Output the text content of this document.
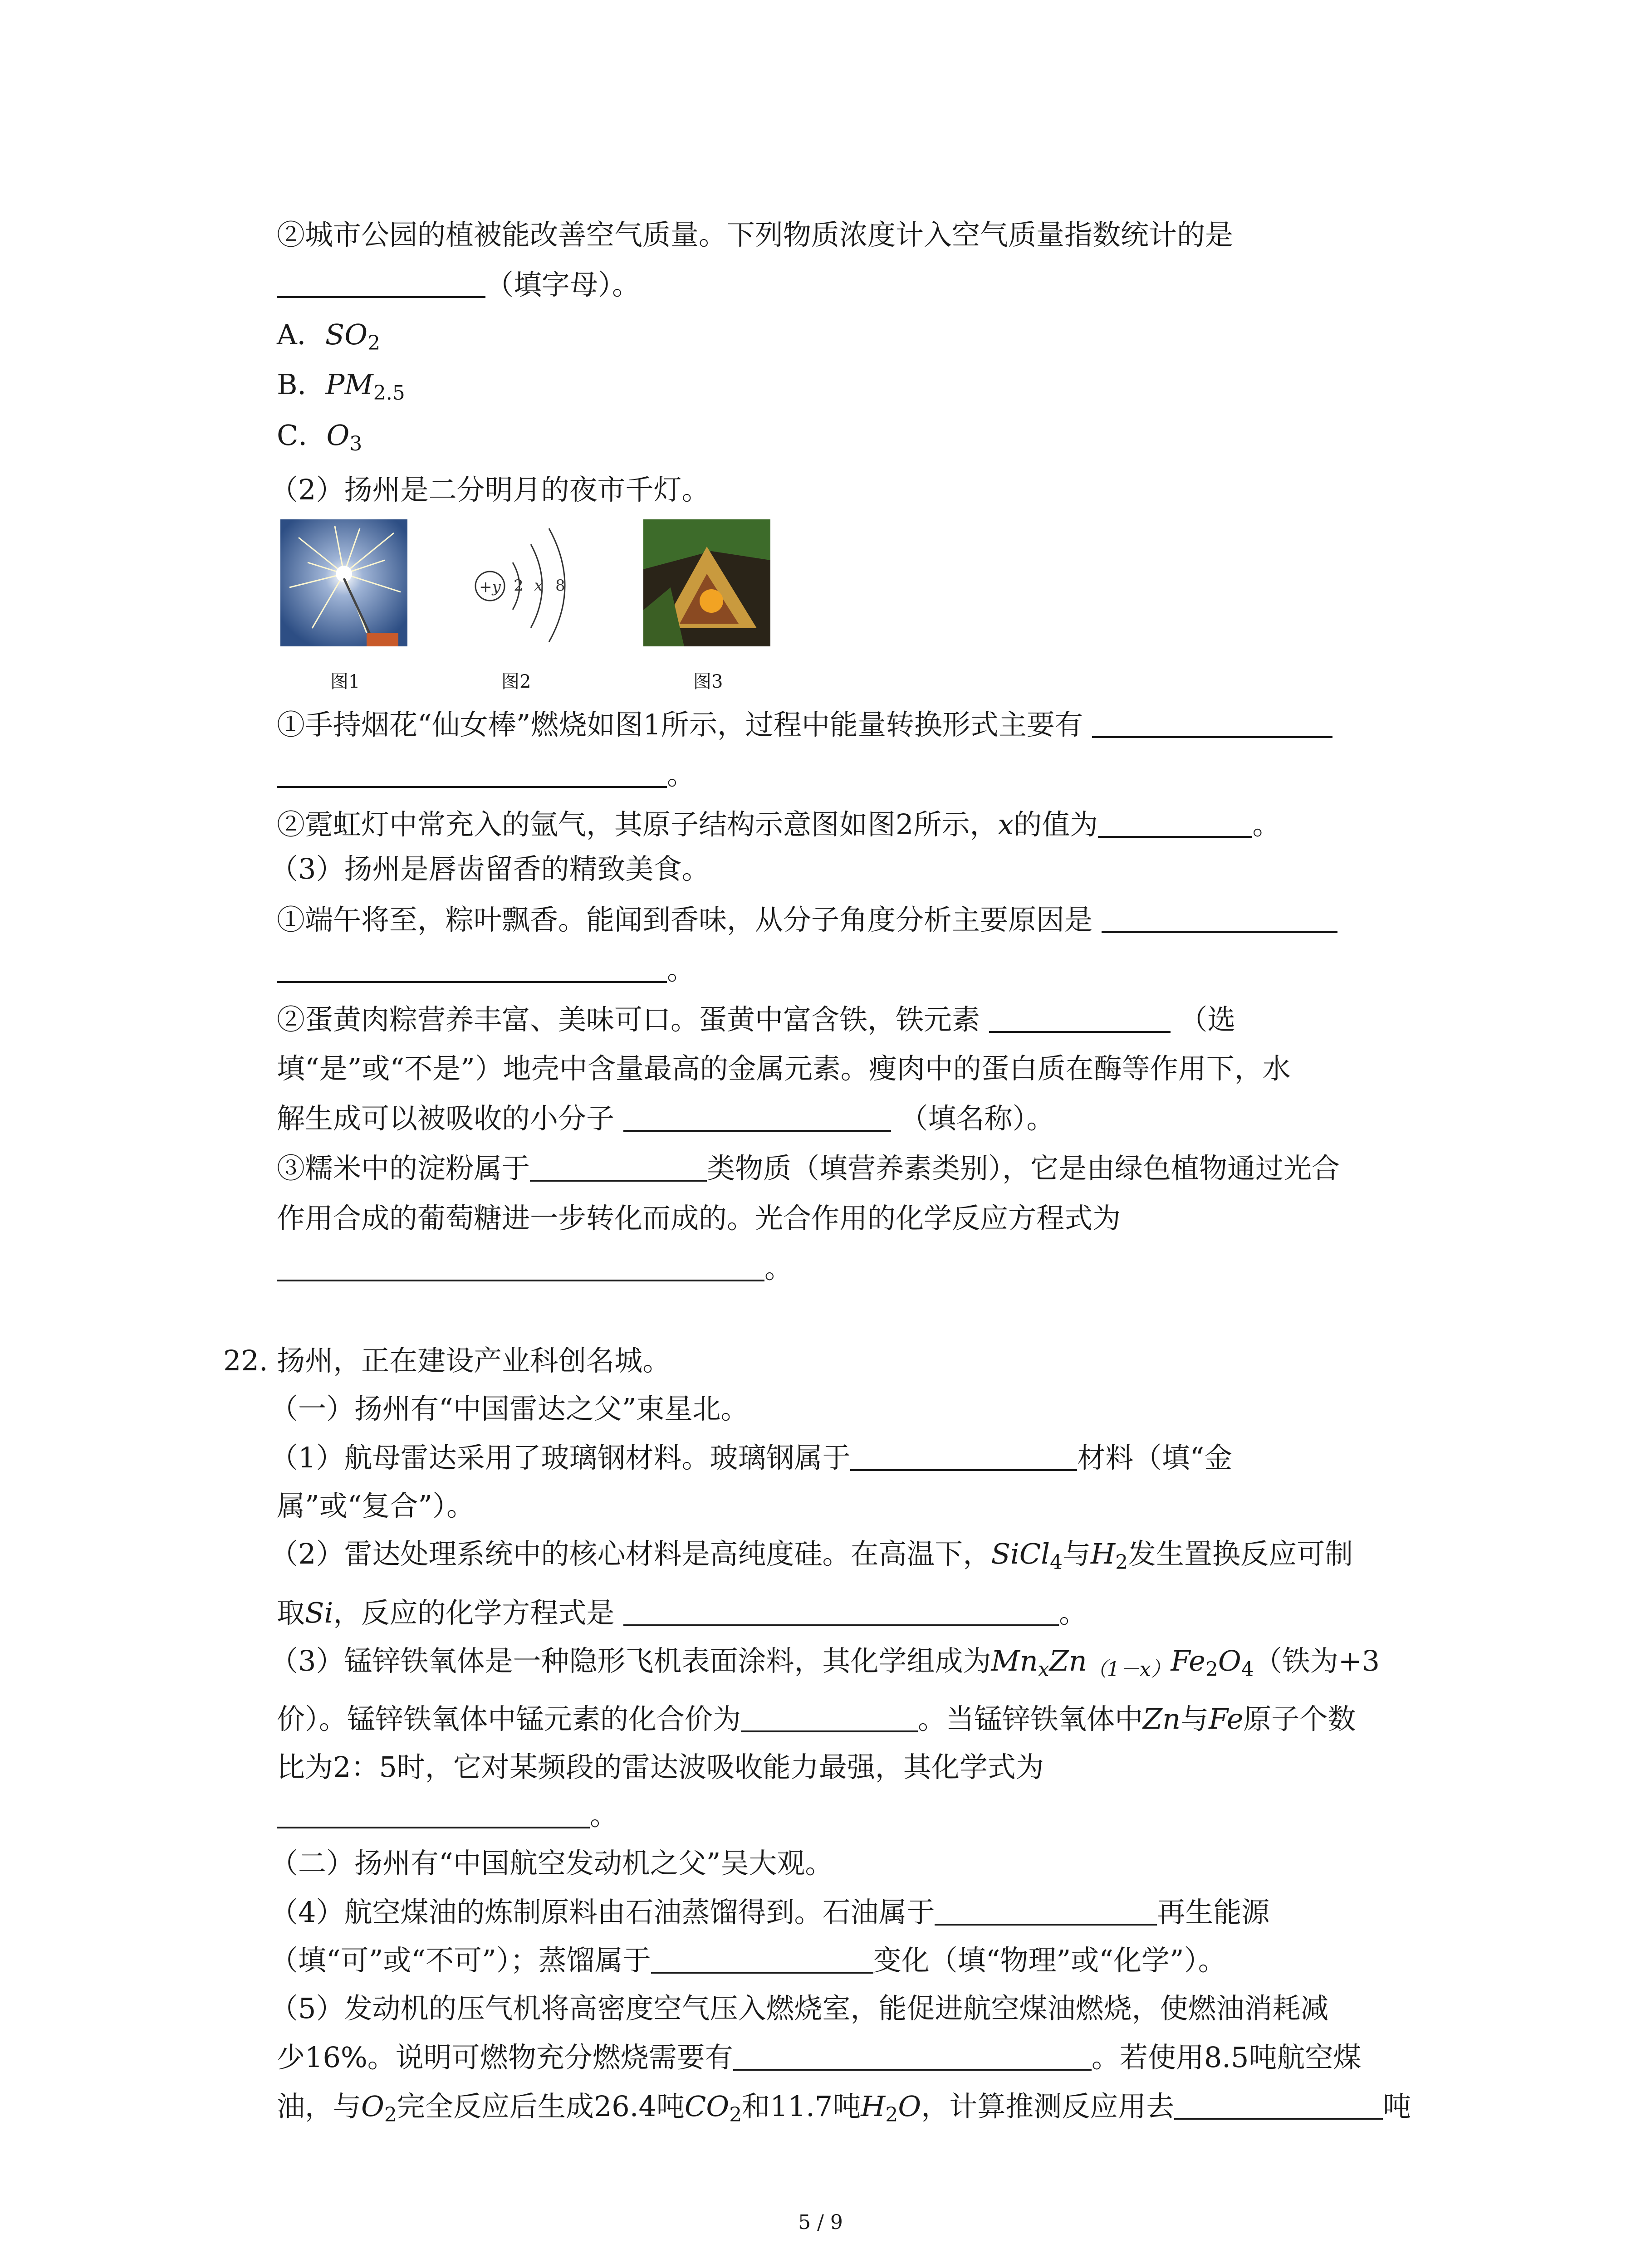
②城市公园的植被能改善空气质量。下列物质浓度计入空气质量指数统计的是
（填字母）。
A．$SO_2$
B．$PM_{2.5}$
C．$O_3$
（2）扬州是二分明月的夜市千灯。
+y 2 x 8
图1	图2	图3
①手持烟花“仙女棒”燃烧如图1所示，过程中能量转换形式主要有
。
②霓虹灯中常充入的氩气，其原子结构示意图如图2所示，x的值为	。
（3）扬州是唇齿留香的精致美食。
①端午将至，粽叶飘香。能闻到香味，从分子角度分析主要原因是
。
②蛋黄肉粽营养丰富、美味可口。蛋黄中富含铁，铁元素	（选
填“是”或“不是”）地壳中含量最高的金属元素。瘦肉中的蛋白质在酶等作用下，水
解生成可以被吸收的小分子	（填名称）。
③糯米中的淀粉属于	类物质（填营养素类别），它是由绿色植物通过光合
作用合成的葡萄糖进一步转化而成的。光合作用的化学反应方程式为
。
22. 扬州，正在建设产业科创名城。
（一）扬州有“中国雷达之父”束星北。
（1）航母雷达采用了玻璃钢材料。玻璃钢属于	材料（填“金
属”或“复合”）。
（2）雷达处理系统中的核心材料是高纯度硅。在高温下，SiCl$_4$与$H_2$发生置换反应可制
取Si，反应的化学方程式是	。
（3）锰锌铁氧体是一种隐形飞机表面涂料，其化学组成为$Mn_xZn_{(1-x)}Fe_2O_4$（铁为+3
价）。锰锌铁氧体中锰元素的化合价为	。当锰锌铁氧体中Zn与Fe原子个数
比为2：5时，它对某频段的雷达波吸收能力最强，其化学式为
。
（二）扬州有“中国航空发动机之父”吴大观。
（4）航空煤油的炼制原料由石油蒸馏得到。石油属于	再生能源
（填“可”或“不可”）；蒸馏属于	变化（填“物理”或“化学”）。
（5）发动机的压气机将高密度空气压入燃烧室，能促进航空煤油燃烧，使燃油消耗减
少16%。说明可燃物充分燃烧需要有	。若使用8.5吨航空煤
油，与$O_2$完全反应后生成26.4吨$CO_2$和11.7吨$H_2O$，计算推测反应用去	吨
5 / 9
